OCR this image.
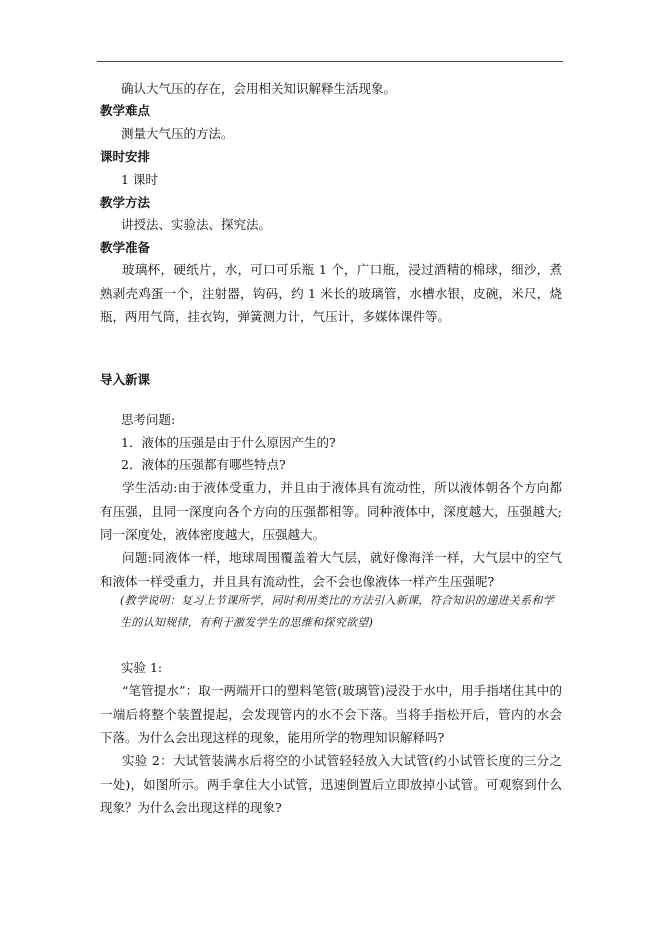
确认大气压的存在，会用相关知识解释生活现象。
教学难点
测量大气压的方法。
课时安排
1 课时
教学方法
讲授法、实验法、探究法。
教学准备
玻璃杯，硬纸片，水，可口可乐瓶 1 个，广口瓶，浸过酒精的棉球，细沙，煮熟剥壳鸡蛋一个，注射器，钩码，约 1 米长的玻璃管，水槽水银，皮碗，米尺，烧瓶，两用气筒，挂衣钩，弹簧测力计，气压计，多媒体课件等。
导入新课
思考问题:
1．液体的压强是由于什么原因产生的?
2．液体的压强都有哪些特点?
学生活动:由于液体受重力，并且由于液体具有流动性，所以液体朝各个方向都有压强，且同一深度向各个方向的压强都相等。同种液体中，深度越大，压强越大;同一深度处，液体密度越大，压强越大。
问题:同液体一样，地球周围覆盖着大气层，就好像海洋一样，大气层中的空气和液体一样受重力，并且具有流动性，会不会也像液体一样产生压强呢?
(教学说明：复习上节课所学，同时利用类比的方法引入新课，符合知识的递进关系和学生的认知规律，有利于激发学生的思维和探究欲望)
实验 1:
“笔管提水”：取一两端开口的塑料笔管(玻璃管)浸没于水中，用手指堵住其中的一端后将整个装置提起，会发现管内的水不会下落。当将手指松开后，管内的水会下落。为什么会出现这样的现象，能用所学的物理知识解释吗?
实验 2：大试管装满水后将空的小试管轻轻放入大试管(约小试管长度的三分之一处)，如图所示。两手拿住大小试管，迅速倒置后立即放掉小试管。可观察到什么现象？为什么会出现这样的现象?
